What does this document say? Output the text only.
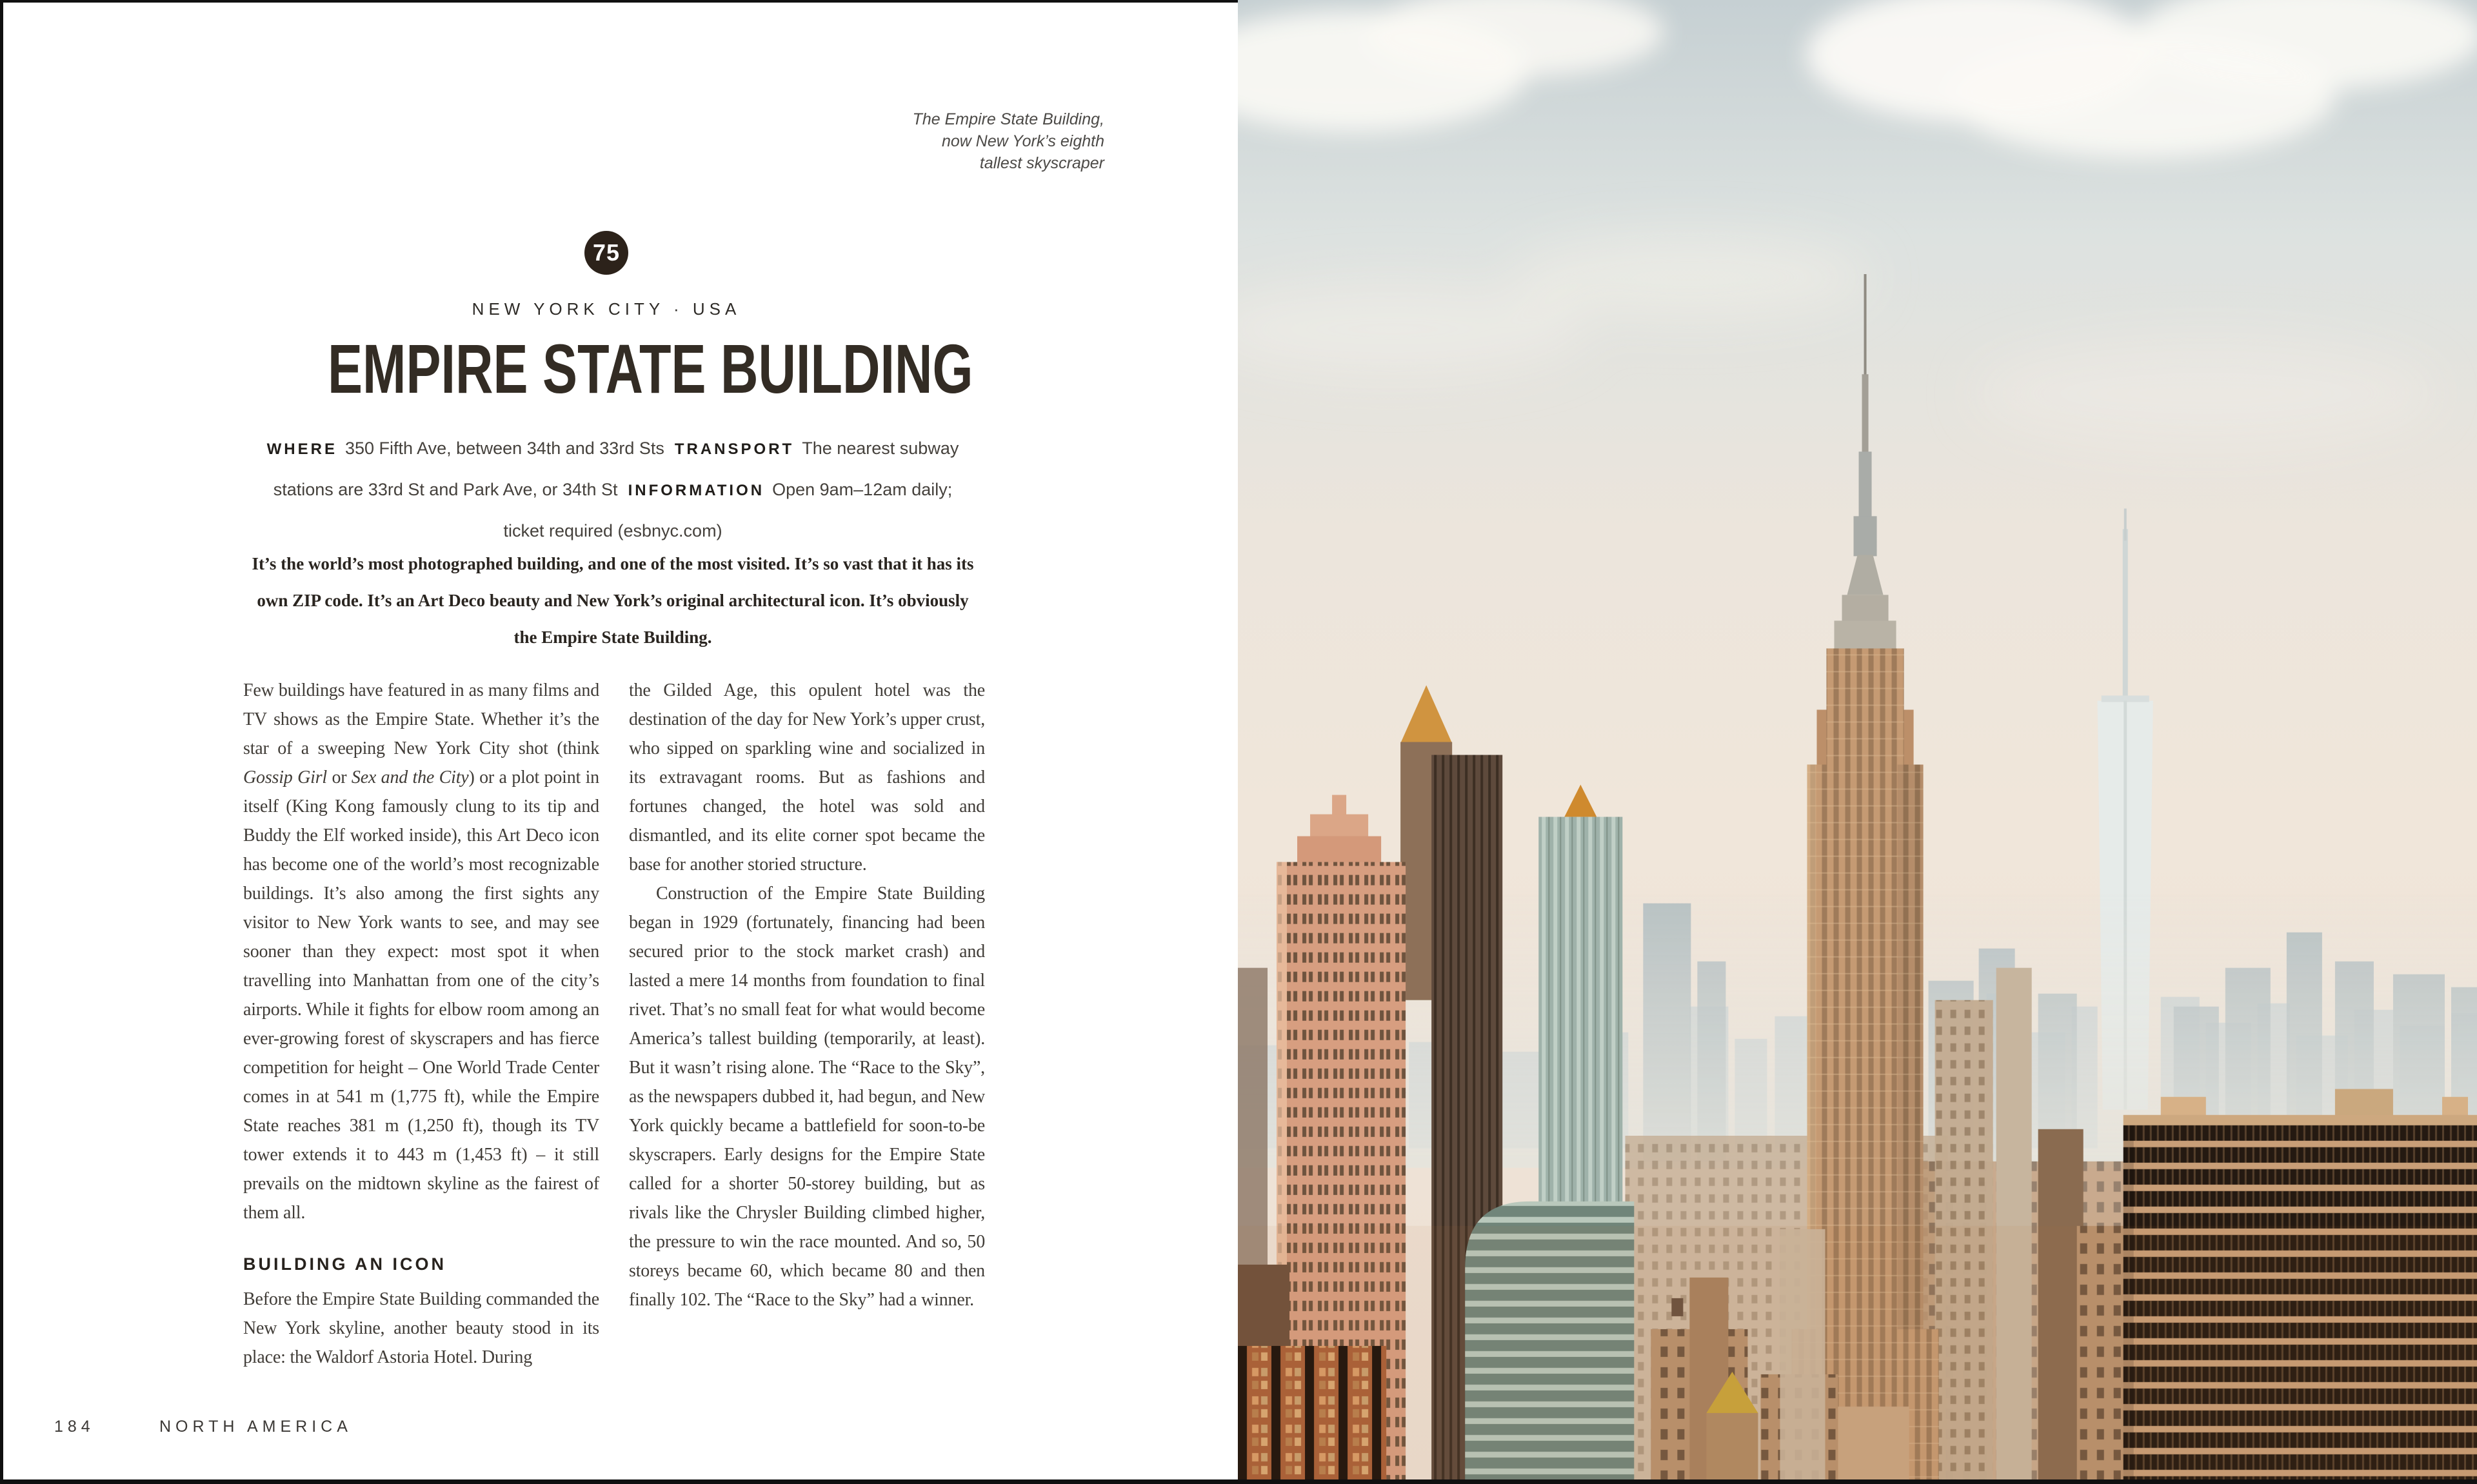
The Empire State Building, now New York’s eighth tallest skyscraper
75
NEW YORK CITY · USA
EMPIRE STATE BUILDING

WHERE 350 Fifth Ave, between 34th and 33rd Sts TRANSPORT The nearest subway stations are 33rd St and Park Ave, or 34th St INFORMATION Open 9am–12am daily; ticket required (esbnyc.com)

It’s the world’s most photographed building, and one of the most visited. It’s so vast that it has its own ZIP code. It’s an Art Deco beauty and New York’s original architectural icon. It’s obviously the Empire State Building.

Few buildings have featured in as many films and TV shows as the Empire State. Whether it’s the star of a sweeping New York City shot (think Gossip Girl or Sex and the City) or a plot point in itself (King Kong famously clung to its tip and Buddy the Elf worked inside), this Art Deco icon has become one of the world’s most recognizable buildings. It’s also among the first sights any visitor to New York wants to see, and may see sooner than they expect: most spot it when travelling into Manhattan from one of the city’s airports. While it fights for elbow room among an ever-growing forest of skyscrapers and has fierce competition for height – One World Trade Center comes in at 541 m (1,775 ft), while the Empire State reaches 381 m (1,250 ft), though its TV tower extends it to 443 m (1,453 ft) – it still prevails on the midtown skyline as the fairest of them all.

BUILDING AN ICON

Before the Empire State Building commanded the New York skyline, another beauty stood in its place: the Waldorf Astoria Hotel. During

the Gilded Age, this opulent hotel was the destination of the day for New York’s upper crust, who sipped on sparkling wine and socialized in its extravagant rooms. But as fashions and fortunes changed, the hotel was sold and dismantled, and its elite corner spot became the base for another storied structure.

Construction of the Empire State Building began in 1929 (fortunately, financing had been secured prior to the stock market crash) and lasted a mere 14 months from foundation to final rivet. That’s no small feat for what would become America’s tallest building (temporarily, at least). But it wasn’t rising alone. The “Race to the Sky”, as the newspapers dubbed it, had begun, and New York quickly became a battlefield for soon-to-be skyscrapers. Early designs for the Empire State called for a shorter 50-storey building, but as rivals like the Chrysler Building climbed higher, the pressure to win the race mounted. And so, 50 storeys became 60, which became 80 and then finally 102. The “Race to the Sky” had a winner.

184	NORTH AMERICA
